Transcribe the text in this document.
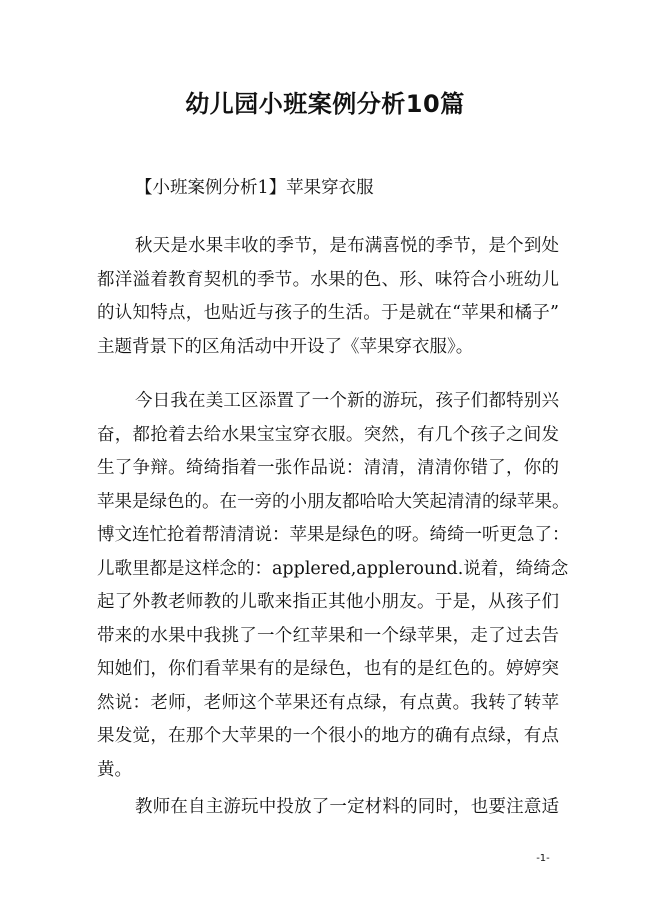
幼儿园小班案例分析10篇

【小班案例分析1】苹果穿衣服

秋天是水果丰收的季节，是布满喜悦的季节，是个到处
都洋溢着教育契机的季节。水果的色、形、味符合小班幼儿
的认知特点，也贴近与孩子的生活。于是就在“苹果和橘子”
主题背景下的区角活动中开设了《苹果穿衣服》。
今日我在美工区添置了一个新的游玩，孩子们都特别兴
奋，都抢着去给水果宝宝穿衣服。突然，有几个孩子之间发
生了争辩。绮绮指着一张作品说：清清，清清你错了，你的
苹果是绿色的。在一旁的小朋友都哈哈大笑起清清的绿苹果。
博文连忙抢着帮清清说：苹果是绿色的呀。绮绮一听更急了：
儿歌里都是这样念的：applered,appleround.说着，绮绮念
起了外教老师教的儿歌来指正其他小朋友。于是，从孩子们
带来的水果中我挑了一个红苹果和一个绿苹果，走了过去告
知她们，你们看苹果有的是绿色，也有的是红色的。婷婷突
然说：老师，老师这个苹果还有点绿，有点黄。我转了转苹
果发觉，在那个大苹果的一个很小的地方的确有点绿，有点
黄。
教师在自主游玩中投放了一定材料的同时，也要注意适

-1-
